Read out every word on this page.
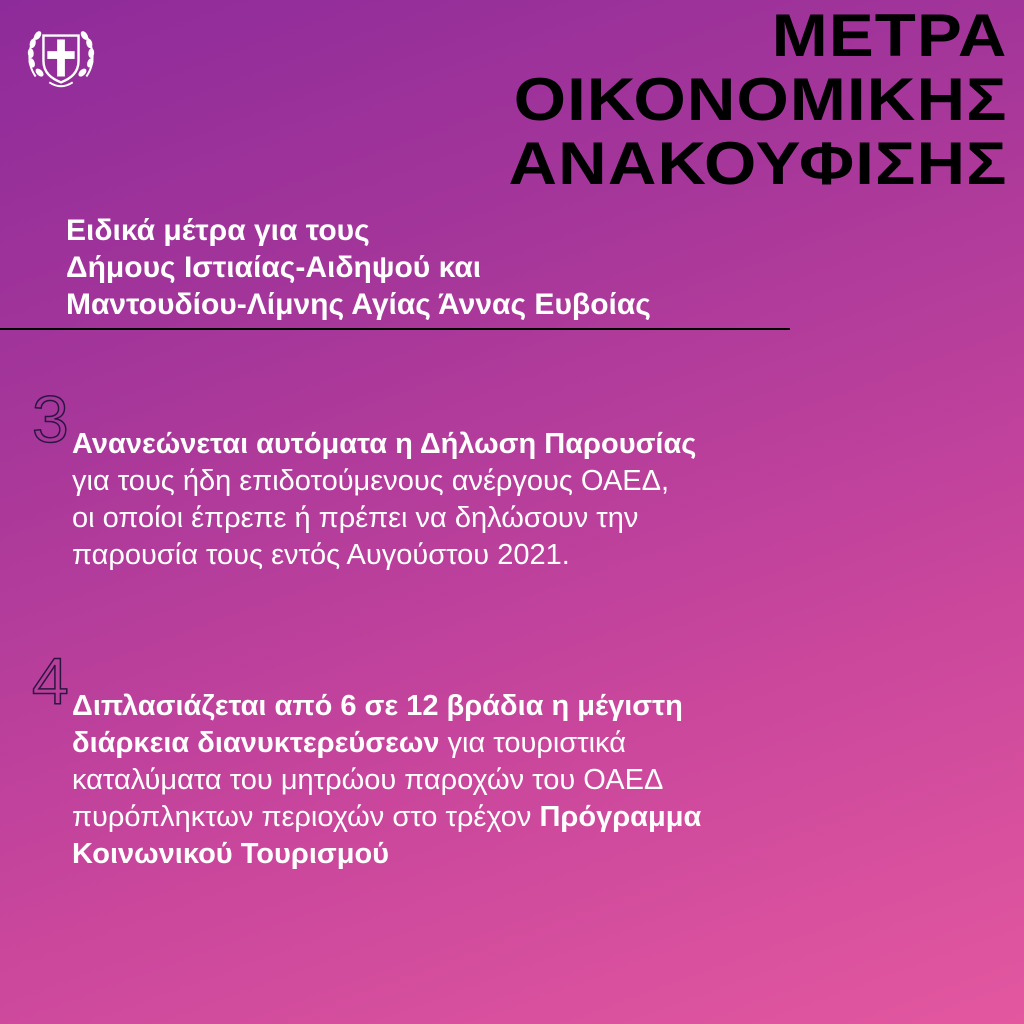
ΜΕΤΡΑ
ΟΙΚΟΝΟΜΙΚΗΣ
ΑΝΑΚΟΥΦΙΣΗΣ
Ειδικά μέτρα για τους
Δήμους Ιστιαίας-Αιδηψού και
Μαντουδίου-Λίμνης Αγίας Άννας Ευβοίας
3 Ανανεώνεται αυτόματα η Δήλωση Παρουσίας
για τους ήδη επιδοτούμενους ανέργους ΟΑΕΔ,
οι οποίοι έπρεπε ή πρέπει να δηλώσουν την
παρουσία τους εντός Αυγούστου 2021.

4 Διπλασιάζεται από 6 σε 12 βράδια η μέγιστη
διάρκεια διανυκτερεύσεων για τουριστικά
καταλύματα του μητρώου παροχών του ΟΑΕΔ
πυρόπληκτων περιοχών στο τρέχον Πρόγραμμα
Κοινωνικού Τουρισμού
